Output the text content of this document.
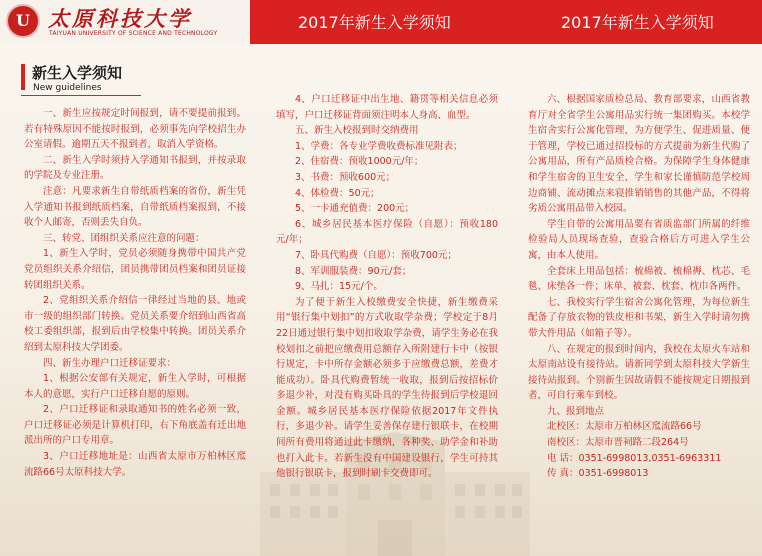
U 太原科技大学
TAIYUAN UNIVERSITY OF SCIENCE AND TECHNOLOGY
2017年新生入学须知	2017年新生入学须知
新生入学须知
New guidelines

一、新生应按规定时间报到，请不要提前报到。若有特殊原因不能按时报到，必须事先向学校招生办公室请假。逾期五天不报到者，取消入学资格。

二、新生入学时须持入学通知书报到，并按录取的学院及专业注册。

注意：凡要求新生自带纸质档案的省份，新生凭入学通知书报到纸质档案，自带纸质档案报到，不接收个人邮寄，否则丢失自负。

三、转党、团组织关系应注意的问题：

1、新生入学时，党员必须随身携带中国共产党党员组织关系介绍信，团员携带团员档案和团员证接转团组织关系。

2、党组织关系介绍信一律经过当地的县、地或市一级的组织部门转换。党员关系要介绍到山西省高校工委组织部，报到后由学校集中转换。团员关系介绍到太原科技大学团委。

四、新生办理户口迁移证要求：

1、根据公安部有关规定，新生入学时，可根据本人的意愿，实行户口迁移自愿的原则。

2、户口迁移证和录取通知书的姓名必须一致，户口迁移证必须是计算机打印，右下角底盖有迁出地派出所的户口专用章。

3、户口迁移地址是：山西省太原市万柏林区窊流路66号太原科技大学。

4、户口迁移证中出生地、籍贯等相关信息必须填写，户口迁移证背面须注明本人身高、血型。

五、新生入校报到时交纳费用

1、学费：各专业学费收费标准见附表；

2、住宿费：预收1000元/年；

3、书费：预收600元；

4、体检费：50元；

5、一卡通充值费：200元；

6、城乡居民基本医疗保险（自愿）：预收180元/年；

7、卧具代购费（自愿）：预收700元；

8、军训服装费：90元/套；

9、马扎：15元/个。

为了便于新生入校缴费安全快捷，新生缴费采用“银行集中划扣”的方式收取学杂费；学校定于8月22日通过银行集中划扣收取学杂费，请学生务必在我校划扣之前把应缴费用总额存入所附建行卡中（按银行规定，卡中所存金额必须多于应缴费总额，差费才能成功）。卧具代购费暂统一收取，报到后按招标价多退少补，对没有购买卧具的学生待报到后学校退回金额。城乡居民基本医疗保险依据2017年文件执行，多退少补。请学生妥善保存建行银联卡，在校期间所有费用将通过此卡缴纳，各种奖、助学金和补助也打入此卡。若新生没有中国建设银行，学生可持其他银行银联卡，报到时刷卡交费即可。

六、根据国家质检总局、教育部要求，山西省教育厅对全省学生公寓用品实行统一集团购买。本校学生宿舍实行公寓化管理，为方便学生、促进质量、便于管理，学校已通过招投标的方式提前为新生代购了公寓用品，所有产品质检合格。为保障学生身体健康和学生宿舍的卫生安全，学生和家长谨慎防范学校周边商铺、流动摊点来寝推销销售的其他产品，不得将劣质公寓用品带入校园。

学生自带的公寓用品要有省质监部门所属的纤维检验局人员现场查验，查验合格后方可进入学生公寓，由本人使用。

全套床上用品包括：梳棉被、梳棉褥、枕芯、毛毯、床垫各一件；床单、被套、枕套、枕巾各两件。

七、我校实行学生宿舍公寓化管理，为每位新生配备了存放衣物的铁皮柜和书架，新生入学时请勿携带大件用品（如箱子等）。

八、在规定的报到时间内，我校在太原火车站和太原南站设有接待站。请新同学到太原科技大学新生接待站报到。个别新生因故请假不能按规定日期报到者，可自行乘车到校。

九、报到地点

北校区：太原市万柏林区窊流路66号

南校区：太原市晋祠路二段264号

电 话：0351-6998013,0351-6963311

传 真：0351-6998013
